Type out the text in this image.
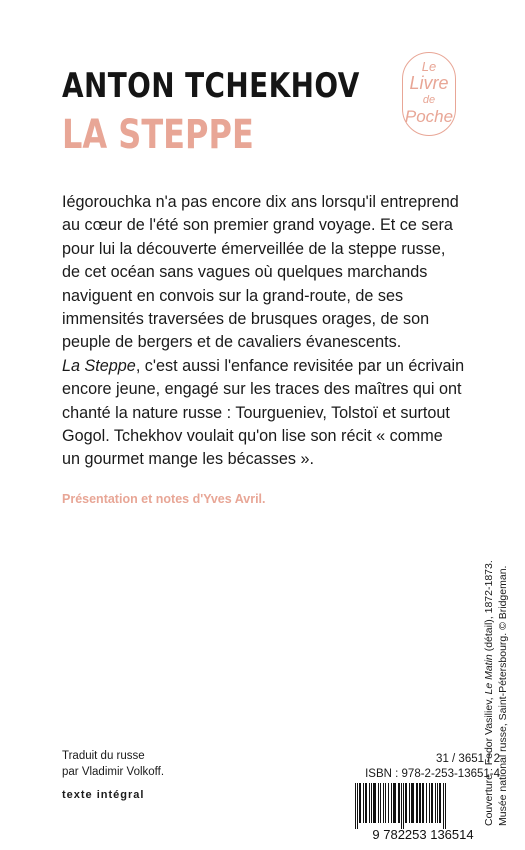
ANTON TCHEKHOV
LA STEPPE
Le
Livre
de
Poche
Iégorouchka n'a pas encore dix ans lorsqu'il entreprend
au cœur de l'été son premier grand voyage. Et ce sera
pour lui la découverte émerveillée de la steppe russe,
de cet océan sans vagues où quelques marchands
naviguent en convois sur la grand-route, de ses
immensités traversées de brusques orages, de son
peuple de bergers et de cavaliers évanescents.
La Steppe, c'est aussi l'enfance revisitée par un écrivain
encore jeune, engagé sur les traces des maîtres qui ont
chanté la nature russe : Tourgueniev, Tolstoï et surtout
Gogol. Tchekhov voulait qu'on lise son récit « comme
un gourmet mange les bécasses ».
Présentation et notes d'Yves Avril.
Traduit du russe
par Vladimir Volkoff.
texte intégral
31 / 3651 / 2
ISBN : 978-2-253-13651-4
9 782253 136514
Couverture : Fedor Vasiliev, Le Matin (détail), 1872-1873. Musée national russe, Saint-Pétersbourg. © Bridgeman.
